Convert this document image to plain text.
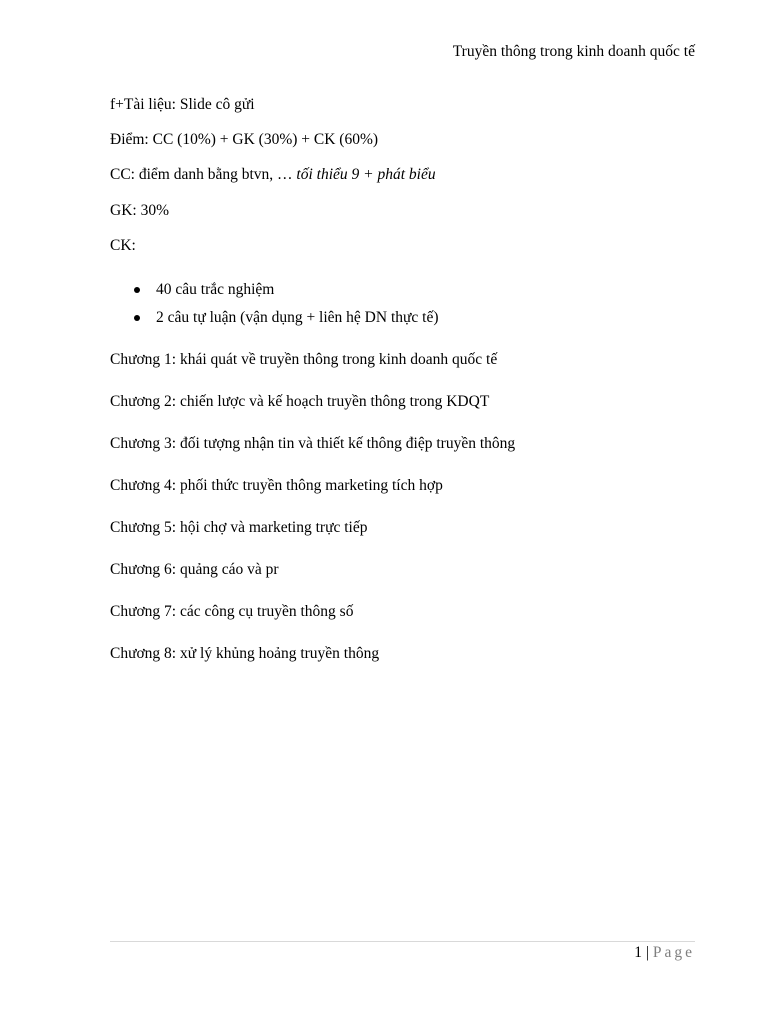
Truyền thông trong kinh doanh quốc tế
f+Tài liệu: Slide cô gửi
Điểm: CC (10%) + GK (30%) + CK (60%)
CC: điểm danh bằng btvn, … tối thiểu 9 + phát biểu
GK: 30%
CK:
40 câu trắc nghiệm
2 câu tự luận (vận dụng + liên hệ DN thực tế)
Chương 1: khái quát về truyền thông trong kinh doanh quốc tế
Chương 2: chiến lược và kế hoạch truyền thông trong KDQT
Chương 3: đối tượng nhận tin và thiết kế thông điệp truyền thông
Chương 4: phối thức truyền thông marketing tích hợp
Chương 5: hội chợ và marketing trực tiếp
Chương 6: quảng cáo và pr
Chương 7: các công cụ truyền thông số
Chương 8: xử lý khủng hoảng truyền thông
1 | Page
